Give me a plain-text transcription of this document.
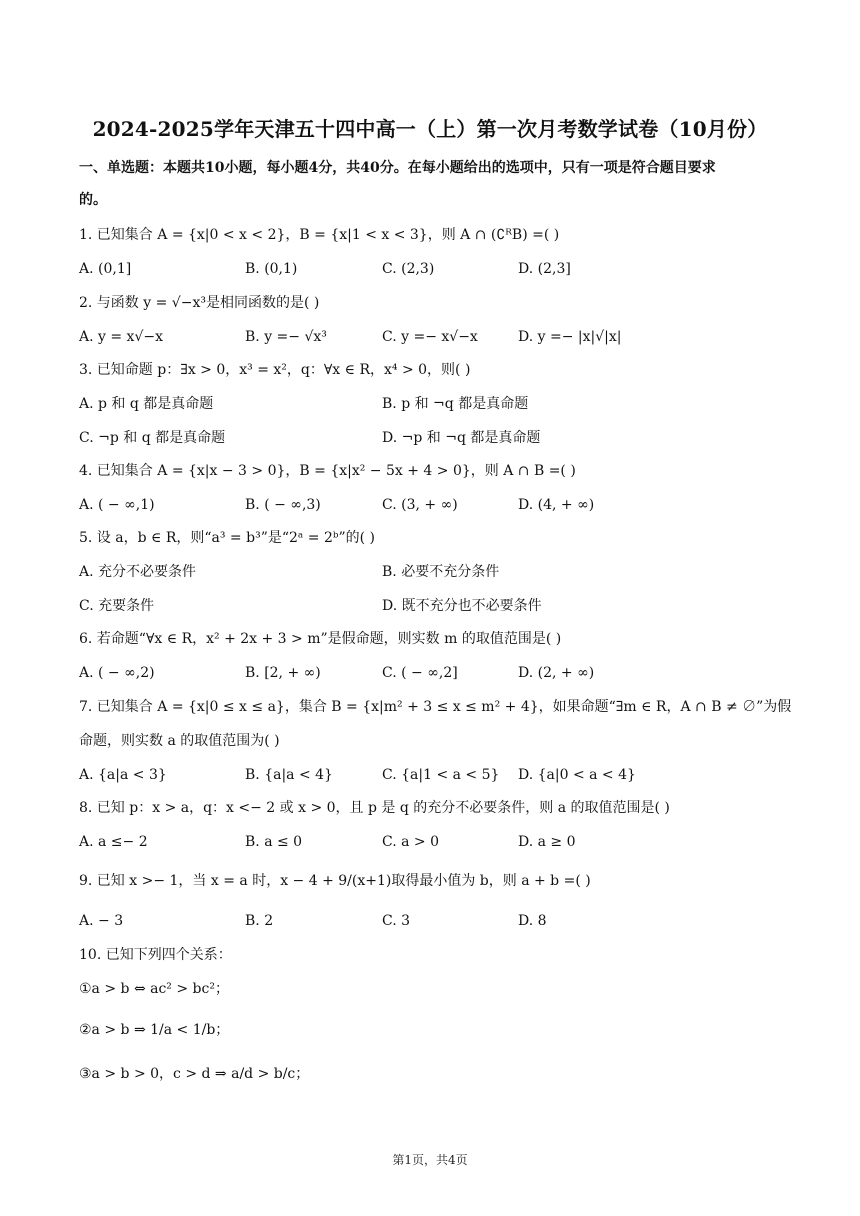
2024-2025学年天津五十四中高一（上）第一次月考数学试卷（10月份）
一、单选题：本题共10小题，每小题4分，共40分。在每小题给出的选项中，只有一项是符合题目要求
的。
1. 已知集合 A = {x|0 < x < 2}，B = {x|1 < x < 3}，则 A ∩ (∁ᴿB) =( )
A. (0,1]	B. (0,1)	C. (2,3)	D. (2,3]
2. 与函数 y = √−x³是相同函数的是( )
A. y = x√−x	B. y =− √x³	C. y =− x√−x	D. y =− |x|√|x|
3. 已知命题 p：∃x > 0，x³ = x²，q：∀x ∈ R，x⁴ > 0，则( )
A. p 和 q 都是真命题	B. p 和 ¬q 都是真命题
C. ¬p 和 q 都是真命题	D. ¬p 和 ¬q 都是真命题
4. 已知集合 A = {x|x − 3 > 0}，B = {x|x² − 5x + 4 > 0}，则 A ∩ B =( )
A. ( − ∞,1)	B. ( − ∞,3)	C. (3, + ∞)	D. (4, + ∞)
5. 设 a，b ∈ R，则“a³ = b³”是“2ᵃ = 2ᵇ”的( )
A. 充分不必要条件	B. 必要不充分条件
C. 充要条件	D. 既不充分也不必要条件
6. 若命题“∀x ∈ R，x² + 2x + 3 > m”是假命题，则实数 m 的取值范围是( )
A. ( − ∞,2)	B. [2, + ∞)	C. ( − ∞,2]	D. (2, + ∞)
7. 已知集合 A = {x|0 ≤ x ≤ a}，集合 B = {x|m² + 3 ≤ x ≤ m² + 4}，如果命题“∃m ∈ R，A ∩ B ≠ ∅”为假
命题，则实数 a 的取值范围为( )
A. {a|a < 3}	B. {a|a < 4}	C. {a|1 < a < 5} D. {a|0 < a < 4}
8. 已知 p：x > a，q：x <− 2 或 x > 0，且 p 是 q 的充分不必要条件，则 a 的取值范围是( )
A. a ≤− 2	B. a ≤ 0	C. a > 0	D. a ≥ 0
9. 已知 x >− 1，当 x = a 时，x − 4 + 9/(x+1)取得最小值为 b，则 a + b =( )
A. − 3	B. 2	C. 3	D. 8
10. 已知下列四个关系：
①a > b ⇔ ac² > bc²；
②a > b ⇒ 1/a < 1/b；
③a > b > 0，c > d ⇒ a/d > b/c；
第1页，共4页
